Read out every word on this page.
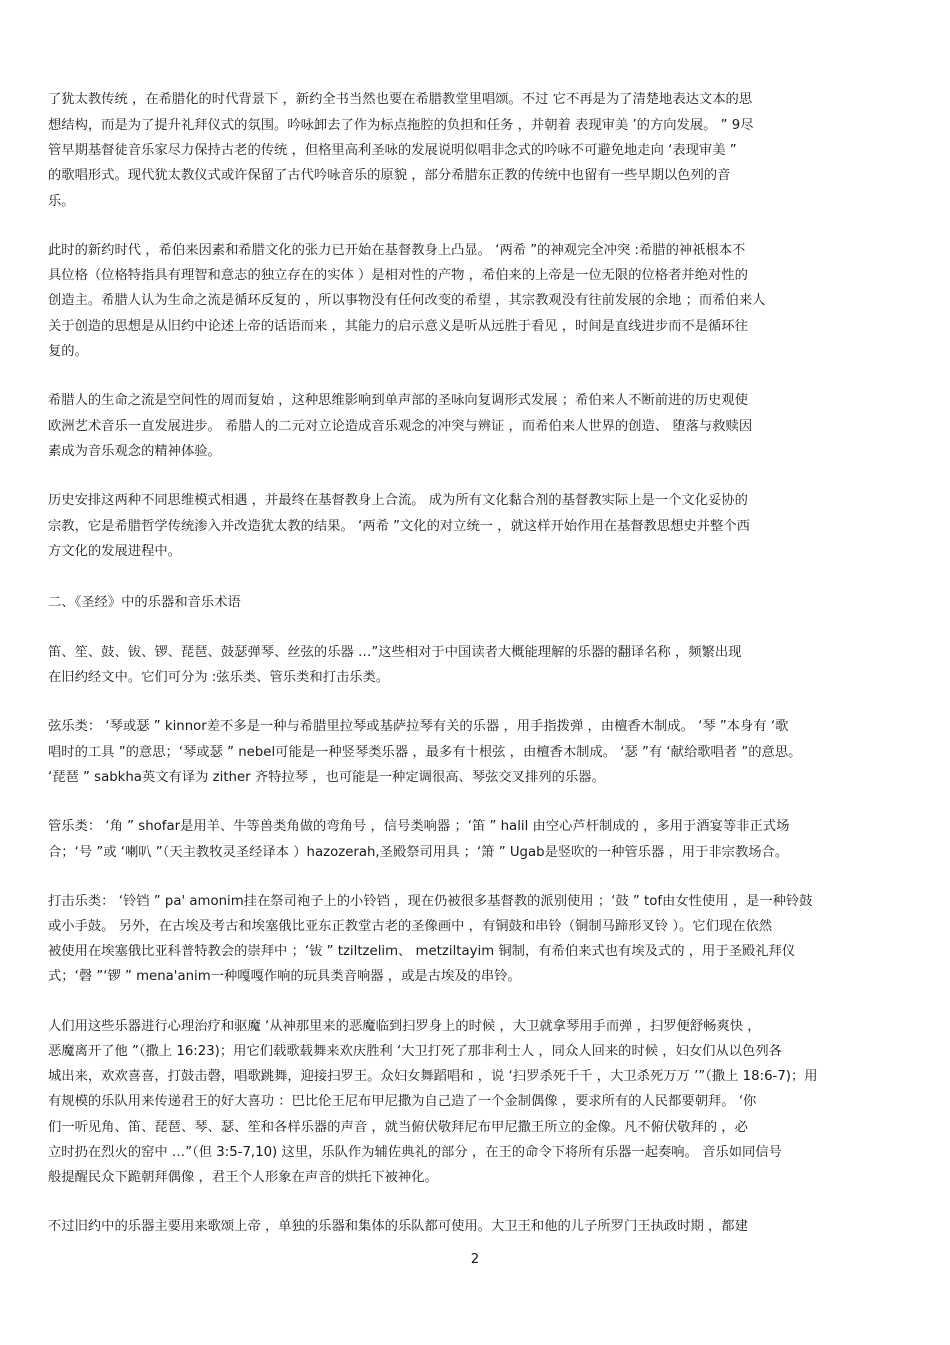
了犹太教传统 ，在希腊化的时代背景下 ，新约全书当然也要在希腊教堂里唱颂。不过 它不再是为了清楚地表达文本的思
想结构，而是为了提升礼拜仪式的氛围。吟咏卸去了作为标点拖腔的负担和任务 ，并朝着 表现审美 ’的方向发展。 ” 9尽
管早期基督徒音乐家尽力保持古老的传统 ，但格里高利圣咏的发展说明似唱非念式的吟咏不可避免地走向 ‘表现审美 ”
的歌唱形式。现代犹太教仪式或许保留了古代吟咏音乐的原貌 ，部分希腊东正教的传统中也留有一些早期以色列的音
乐。
此时的新约时代 ，希伯来因素和希腊文化的张力已开始在基督教身上凸显。 ‘两希 ”的神观完全冲突 :希腊的神祇根本不
具位格（位格特指具有理智和意志的独立存在的实体 ）是相对性的产物 ，希伯来的上帝是一位无限的位格者并绝对性的
创造主。希腊人认为生命之流是循环反复的 ，所以事物没有任何改变的希望 ，其宗教观没有往前发展的余地 ；而希伯来人
关于创造的思想是从旧约中论述上帝的话语而来 ，其能力的启示意义是听从远胜于看见 ，时间是直线进步而不是循环往
复的。
希腊人的生命之流是空间性的周而复始 ，这种思维影响到单声部的圣咏向复调形式发展 ；希伯来人不断前进的历史观使
欧洲艺术音乐一直发展进步。 希腊人的二元对立论造成音乐观念的冲突与辨证 ，而希伯来人世界的创造、 堕落与救赎因
素成为音乐观念的精神体验。
历史安排这两种不同思维模式相遇 ，并最终在基督教身上合流。 成为所有文化黏合剂的基督教实际上是一个文化妥协的
宗教，它是希腊哲学传统渗入并改造犹太教的结果。 ‘两希 ”文化的对立统一 ，就这样开始作用在基督教思想史并整个西
方文化的发展进程中。
二、《圣经》中的乐器和音乐术语
笛、笙、鼓、钹、锣、琵琶、鼓瑟弹琴、丝弦的乐器 …”这些相对于中国读者大概能理解的乐器的翻译名称 ，频繁出现
在旧约经文中。它们可分为 :弦乐类、管乐类和打击乐类。
弦乐类： ‘琴或瑟 ” kinnor差不多是一种与希腊里拉琴或基萨拉琴有关的乐器 ，用手指拨弹 ，由檀香木制成。 ‘琴 ”本身有 ‘歌
唱时的工具 ”的意思；‘琴或瑟 ” nebel可能是一种竖琴类乐器 ，最多有十根弦 ，由檀香木制成。 ‘瑟 ”有 ‘献给歌唱者 ”的意思。
‘琵琶 ” sabkha英文有译为 zither 齐特拉琴 ，也可能是一种定调很高、琴弦交叉排列的乐器。
管乐类： ‘角 ” shofar是用羊、牛等兽类角做的弯角号 ，信号类响器 ；‘笛 ” halil 由空心芦杆制成的 ，多用于酒宴等非正式场
合；‘号 ”或 ‘喇叭 ”（天主教牧灵圣经译本 ）hazozerah,圣殿祭司用具 ；‘箫 ” Ugab是竖吹的一种管乐器 ，用于非宗教场合。
打击乐类： ‘铃铛 ” pa' amonim挂在祭司袍子上的小铃铛 ，现在仍被很多基督教的派别使用 ；‘鼓 ” tof由女性使用 ，是一种铃鼓
或小手鼓。 另外，在古埃及考古和埃塞俄比亚东正教堂古老的圣像画中 ，有铜鼓和串铃（铜制马蹄形叉铃 ）。它们现在依然
被使用在埃塞俄比亚科普特教会的崇拜中 ；‘钹 ” tziltzelim、 metziltayim 铜制，有希伯来式也有埃及式的 ，用于圣殿礼拜仪
式；‘磬 ”‘锣 ” mena'anim一种嘎嘎作响的玩具类音响器 ，或是古埃及的串铃。
人们用这些乐器进行心理治疗和驱魔 ‘从神那里来的恶魔临到扫罗身上的时候 ，大卫就拿琴用手而弹 ，扫罗便舒畅爽快 ，
恶魔离开了他 ”（撒上 16:23)；用它们载歌载舞来欢庆胜利 ‘大卫打死了那非利士人 ，同众人回来的时候 ，妇女们从以色列各
城出来，欢欢喜喜，打鼓击磬，唱歌跳舞，迎接扫罗王。众妇女舞蹈唱和 ，说 ‘扫罗杀死千千 ，大卫杀死万万 ’”（撒上 18:6-7)；用
有规模的乐队用来传递君王的好大喜功 ：巴比伦王尼布甲尼撒为自己造了一个金制偶像 ，要求所有的人民都要朝拜。 ‘你
们一听见角、笛、琵琶、琴、瑟、笙和各样乐器的声音 ，就当俯伏敬拜尼布甲尼撒王所立的金像。凡不俯伏敬拜的 ，必
立时扔在烈火的窑中 …”（但 3:5-7,10) 这里，乐队作为辅佐典礼的部分 ，在王的命令下将所有乐器一起奏响。 音乐如同信号
般提醒民众下跪朝拜偶像 ，君王个人形象在声音的烘托下被神化。
不过旧约中的乐器主要用来歌颂上帝 ，单独的乐器和集体的乐队都可使用。大卫王和他的儿子所罗门王执政时期 ，都建
2
